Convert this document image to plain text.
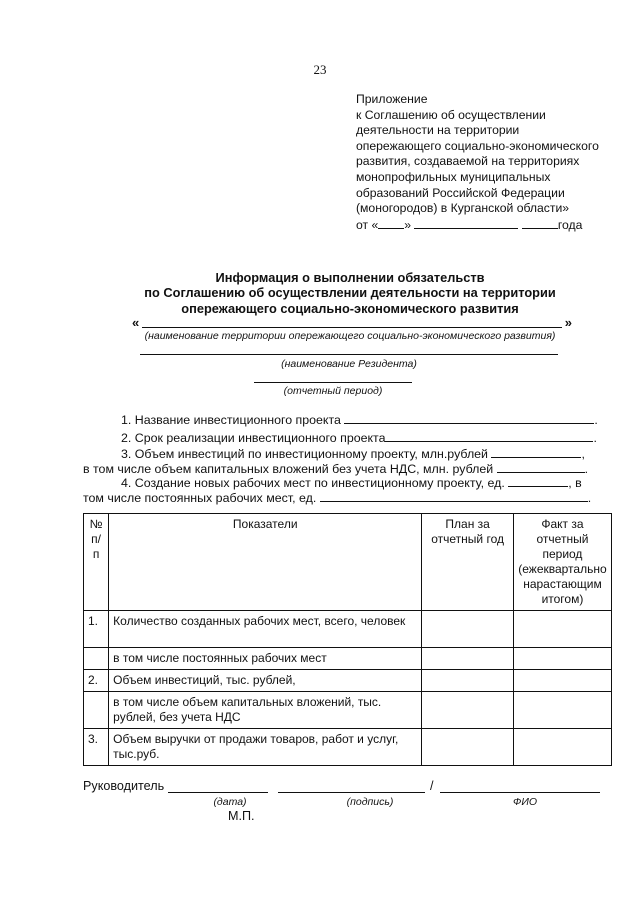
23
Приложение
к Соглашению об осуществлении
деятельности на территории
опережающего социально-экономического
развития, создаваемой на территориях
монопрофильных муниципальных
образований Российской Федерации
(моногородов) в Курганской области»
от « »	года
Информация о выполнении обязательств
по Соглашению об осуществлении деятельности на территории
опережающего социально-экономического развития
«	»
(наименование территории опережающего социально-экономического развития)
(наименование Резидента)
(отчетный период)
1. Название инвестиционного проекта	.
2. Срок реализации инвестиционного проекта	.
3. Объем инвестиций по инвестиционному проекту, млн.рублей	,
в том числе объем капитальных вложений без учета НДС, млн. рублей	.
4. Создание новых рабочих мест по инвестиционному проекту, ед.	, в
том числе постоянных рабочих мест, ед.	.
№ п/п	Показатели	План за отчетный год	Факт за отчетный период (ежеквартально нарастающим итогом)
1.	Количество созданных рабочих мест, всего, человек		
	в том числе постоянных рабочих мест		
2.	Объем инвестиций, тыс. рублей,		
	в том числе объем капитальных вложений, тыс. рублей, без учета НДС		
3.	Объем выручки от продажи товаров, работ и услуг, тыс.руб.		
Руководитель	/
(дата)	(подпись)	ФИО
М.П.
